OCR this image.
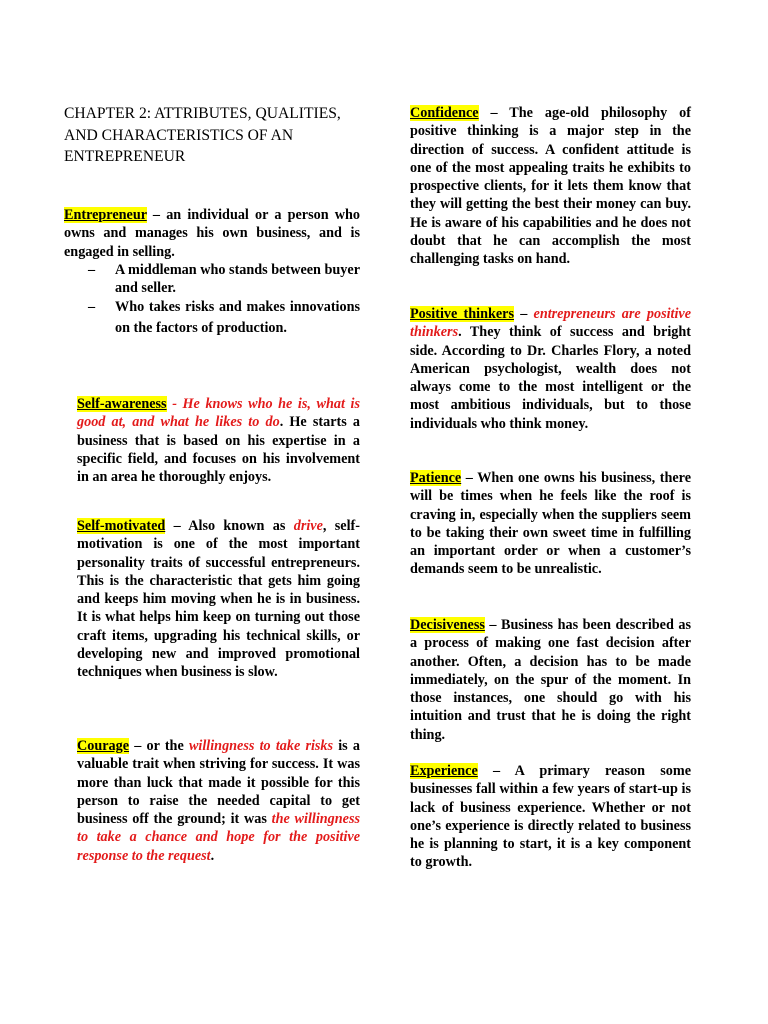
CHAPTER 2: ATTRIBUTES, QUALITIES, AND CHARACTERISTICS OF AN ENTREPRENEUR

Entrepreneur – an individual or a person who owns and manages his own business, and is engaged in selling.

– A middleman who stands between buyer and seller.
– Who takes risks and makes innovations on the factors of production.

Self-awareness - He knows who he is, what is good at, and what he likes to do. He starts a business that is based on his expertise in a specific field, and focuses on his involvement in an area he thoroughly enjoys.

Self-motivated – Also known as drive, self-motivation is one of the most important personality traits of successful entrepreneurs. This is the characteristic that gets him going and keeps him moving when he is in business. It is what helps him keep on turning out those craft items, upgrading his technical skills, or developing new and improved promotional techniques when business is slow.

Courage – or the willingness to take risks is a valuable trait when striving for success. It was more than luck that made it possible for this person to raise the needed capital to get business off the ground; it was the willingness to take a chance and hope for the positive response to the request.

Confidence – The age-old philosophy of positive thinking is a major step in the direction of success. A confident attitude is one of the most appealing traits he exhibits to prospective clients, for it lets them know that they will getting the best their money can buy. He is aware of his capabilities and he does not doubt that he can accomplish the most challenging tasks on hand.

Positive thinkers – entrepreneurs are positive thinkers. They think of success and bright side. According to Dr. Charles Flory, a noted American psychologist, wealth does not always come to the most intelligent or the most ambitious individuals, but to those individuals who think money.

Patience – When one owns his business, there will be times when he feels like the roof is craving in, especially when the suppliers seem to be taking their own sweet time in fulfilling an important order or when a customer’s demands seem to be unrealistic.

Decisiveness – Business has been described as a process of making one fast decision after another. Often, a decision has to be made immediately, on the spur of the moment. In those instances, one should go with his intuition and trust that he is doing the right thing.

Experience – A primary reason some businesses fall within a few years of start-up is lack of business experience. Whether or not one’s experience is directly related to business he is planning to start, it is a key component to growth.
